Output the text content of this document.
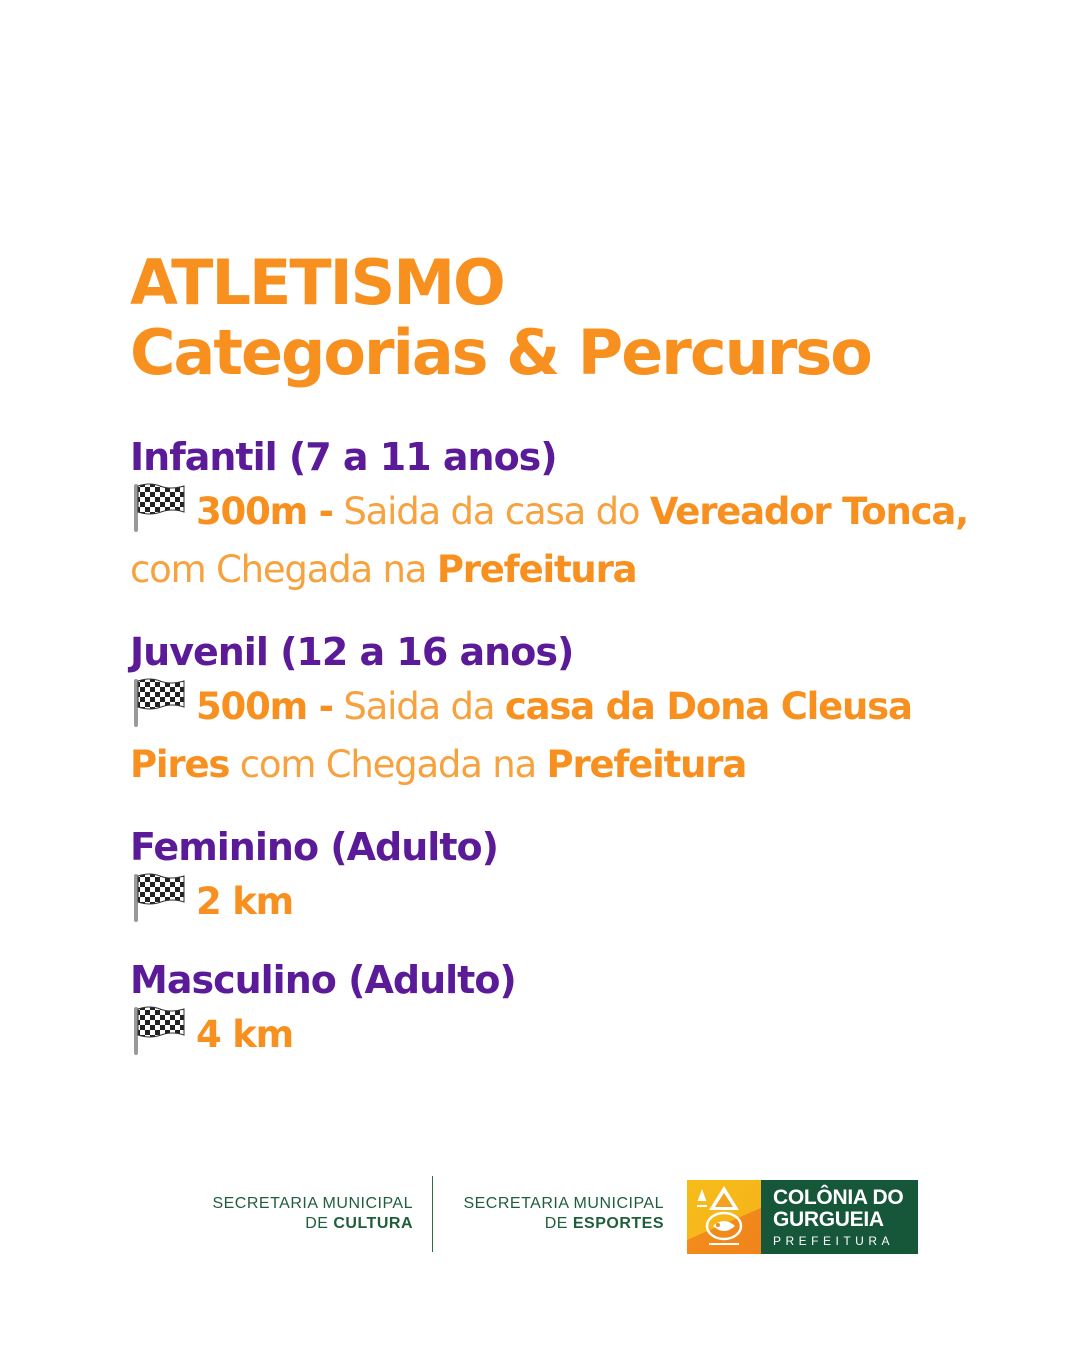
ATLETISMO
Categorias & Percurso
Infantil (7 a 11 anos)
300m - Saida da casa do Vereador Tonca,
com Chegada na Prefeitura
Juvenil (12 a 16 anos)
500m - Saida da casa da Dona Cleusa
Pires com Chegada na Prefeitura
Feminino (Adulto)
2 km
Masculino (Adulto)
4 km
SECRETARIA MUNICIPAL
DE CULTURA
SECRETARIA MUNICIPAL
DE ESPORTES
COLÔNIA DO
GURGUEIA
PREFEITURA
